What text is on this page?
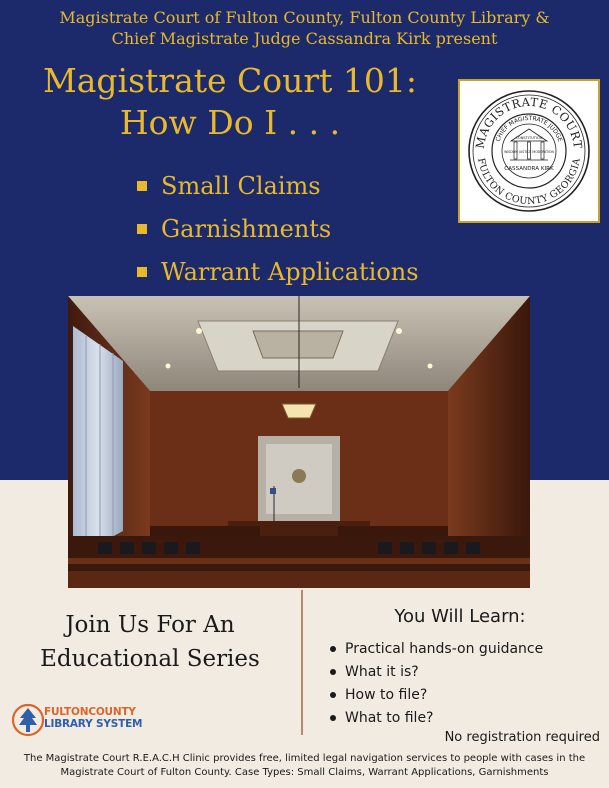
Magistrate Court of Fulton County, Fulton County Library &
Chief Magistrate Judge Cassandra Kirk present
Magistrate Court 101:
How Do I . . .
MAGISTRATE COURT
CHIEF MAGISTRATE JUDGE
FULTON COUNTY GEORGIA
CONSTITUTION
WISDOM JUSTICE MODERATION
CASSANDRA KIRK
Small Claims
Garnishments
Warrant Applications
Join Us For An
Educational Series
You Will Learn:
Practical hands-on guidance
What it is?
How to file?
What to file?
No registration required
FULTONCOUNTY
LIBRARY SYSTEM
The Magistrate Court R.E.A.C.H Clinic provides free, limited legal navigation services to people with cases in the
Magistrate Court of Fulton County. Case Types: Small Claims, Warrant Applications, Garnishments
